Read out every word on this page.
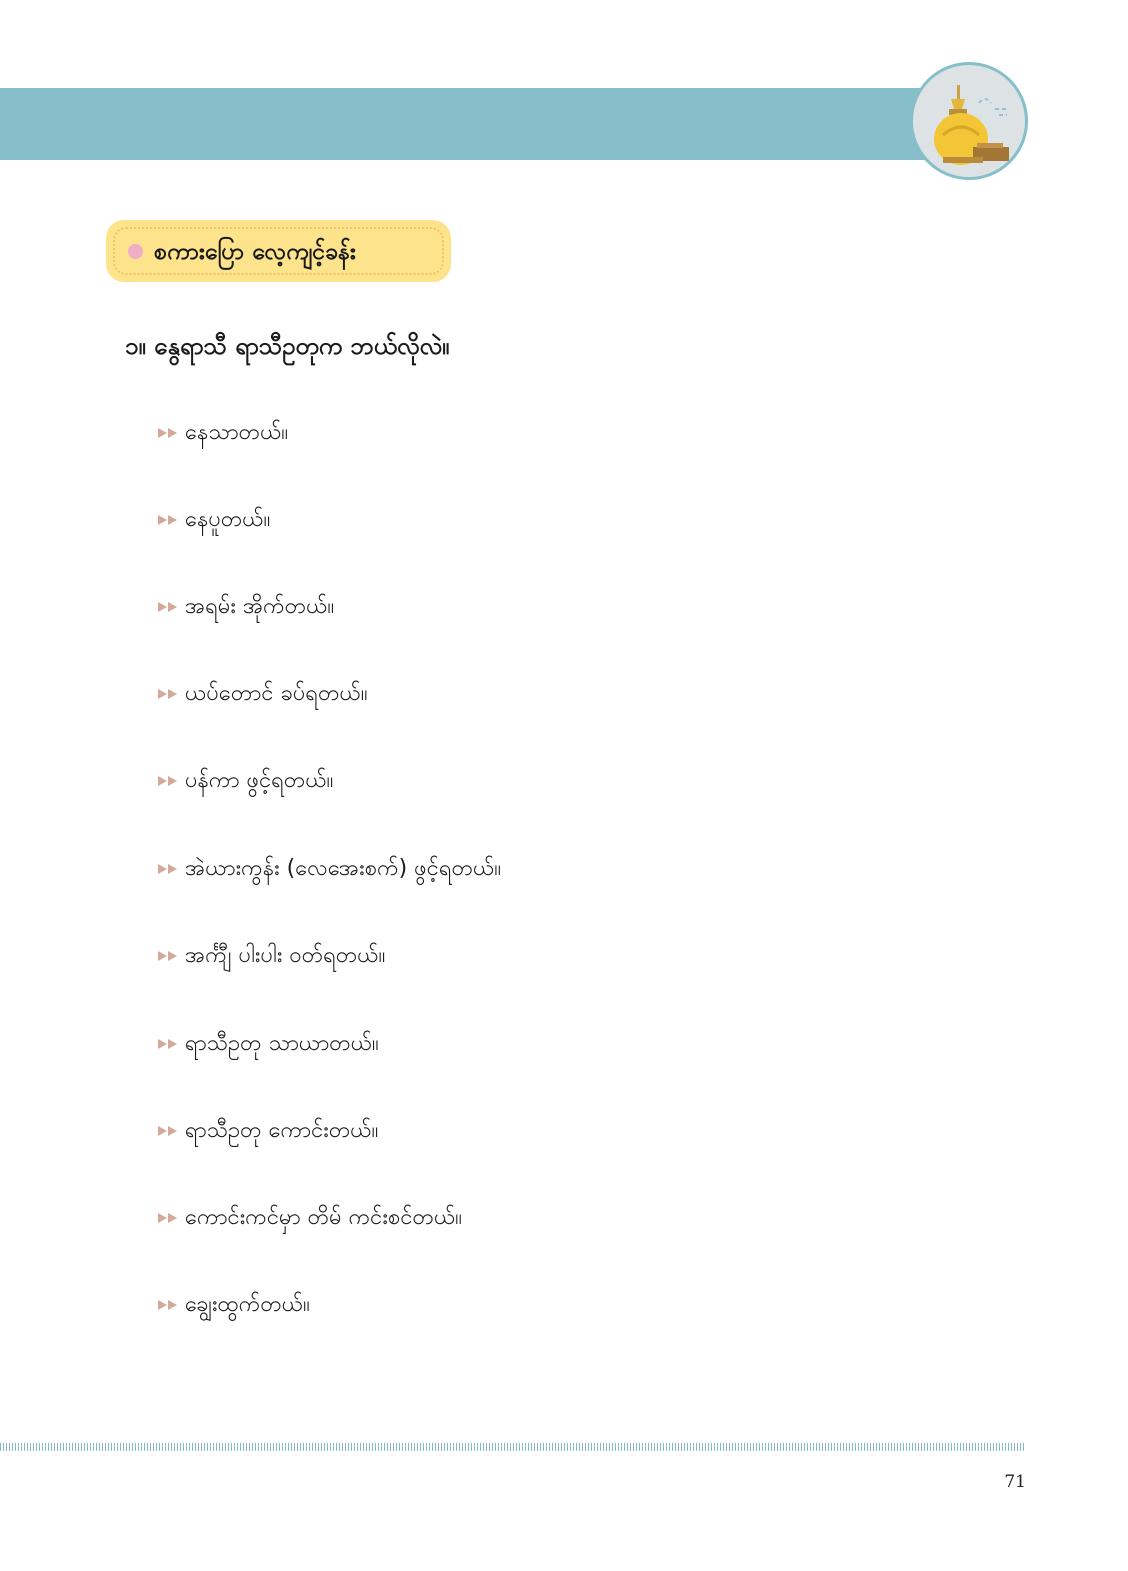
စကားပြော လေ့ကျင့်ခန်း
၁။ နွေရာသီ ရာသီဥတုက ဘယ်လိုလဲ။
နေသာတယ်။
နေပူတယ်။
အရမ်း အိုက်တယ်။
ယပ်တောင် ခပ်ရတယ်။
ပန်ကာ ဖွင့်ရတယ်။
အဲယားကွန်း (လေအေးစက်) ဖွင့်ရတယ်။
အင်္ကျီ ပါးပါး ဝတ်ရတယ်။
ရာသီဥတု သာယာတယ်။
ရာသီဥတု ကောင်းတယ်။
ကောင်းကင်မှာ တိမ် ကင်းစင်တယ်။
ချွေးထွက်တယ်။
71
